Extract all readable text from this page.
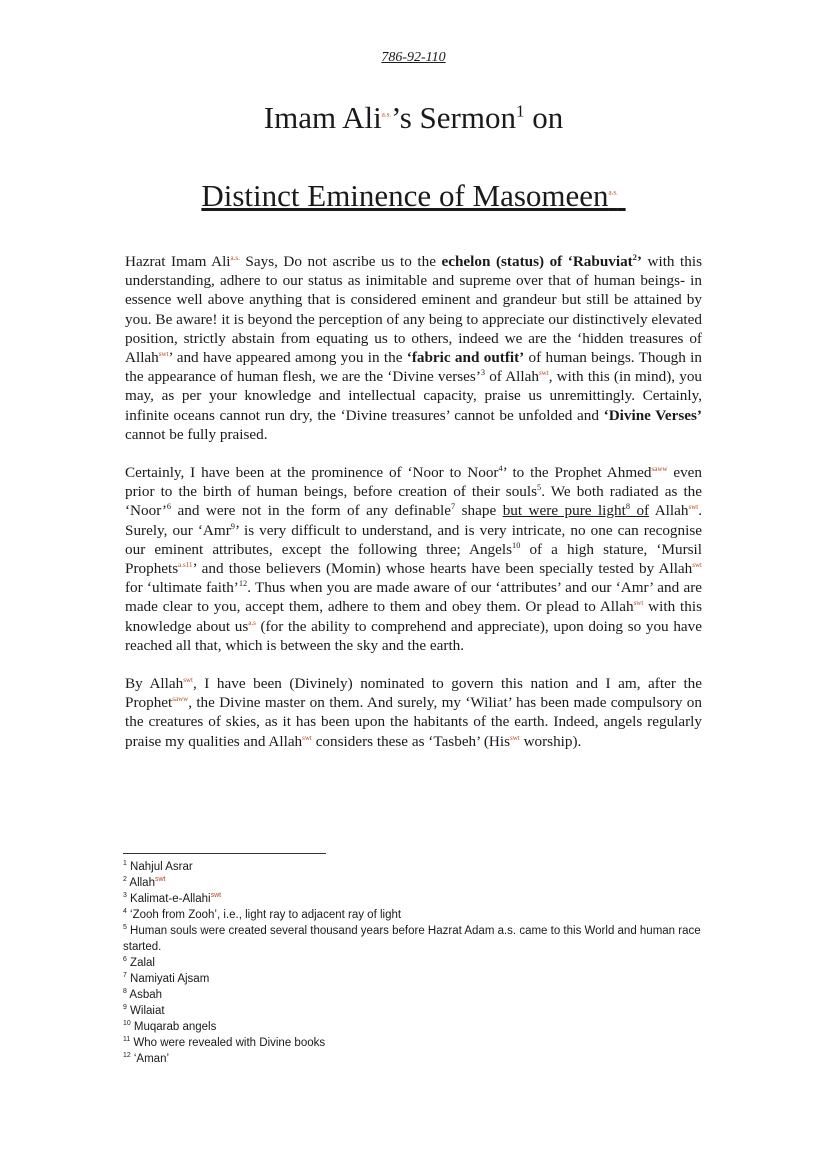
786-92-110
Imam Ali$^{a.s.}$’s Sermon$^1$ on
Distinct Eminence of Masomeen$^{a.s.}$

Hazrat Imam Ali$^{a.s.}$ Says, Do not ascribe us to the echelon (status) of ‘Rabuviat$^2$’ with this understanding, adhere to our status as inimitable and supreme over that of human beings- in essence well above anything that is considered eminent and grandeur but still be attained by you. Be aware! it is beyond the perception of any being to appreciate our distinctively elevated position, strictly abstain from equating us to others, indeed we are the ‘hidden treasures of Allah$^{swt}$’ and have appeared among you in the ‘fabric and outfit’ of human beings. Though in the appearance of human flesh, we are the ‘Divine verses’$^3$ of Allah$^{swt}$, with this (in mind), you may, as per your knowledge and intellectual capacity, praise us unremittingly. Certainly, infinite oceans cannot run dry, the ‘Divine treasures’ cannot be unfolded and ‘Divine Verses’ cannot be fully praised.

Certainly, I have been at the prominence of ‘Noor to Noor$^4$’ to the Prophet Ahmed$^{saww}$ even prior to the birth of human beings, before creation of their souls$^5$. We both radiated as the ‘Noor’$^6$ and were not in the form of any definable$^7$ shape but were pure light$^8$ of Allah$^{swt}$. Surely, our ‘Amr$^9$’ is very difficult to understand, and is very intricate, no one can recognise our eminent attributes, except the following three; Angels$^{10}$ of a high stature, ‘Mursil Prophets$^{a.s11}$’ and those believers (Momin) whose hearts have been specially tested by Allah$^{swt}$ for ‘ultimate faith’$^{12}$. Thus when you are made aware of our ‘attributes’ and our ‘Amr’ and are made clear to you, accept them, adhere to them and obey them. Or plead to Allah$^{swt}$ with this knowledge about $us^{a.s}$ (for the ability to comprehend and appreciate), upon doing so you have reached all that, which is between the sky and the earth.

By Allah$^{swt}$, I have been (Divinely) nominated to govern this nation and I am, after the Prophet$^{saww}$, the Divine master on them. And surely, my ‘Wiliat’ has been made compulsory on the creatures of skies, as it has been upon the habitants of the earth. Indeed, angels regularly praise my qualities and Allah$^{swt}$ considers these as ‘Tasbeh’ (His$^{swt}$ worship).

$^1$ Nahjul Asrar

$^2$ Allah$^{swt}$

$^3$ Kalimat-e-Allahi$^{swt}$

$^4$ ‘Zooh from Zooh’, i.e., light ray to adjacent ray of light

$^5$ Human souls were created several thousand years before Hazrat Adam a.s. came to this World and human race started.

$^6$ Zalal

$^7$ Namiyati Ajsam

$^8$ Asbah

$^9$ Wilaiat

$^{10}$ Muqarab angels

$^{11}$ Who were revealed with Divine books

$^{12}$ ‘Aman’
